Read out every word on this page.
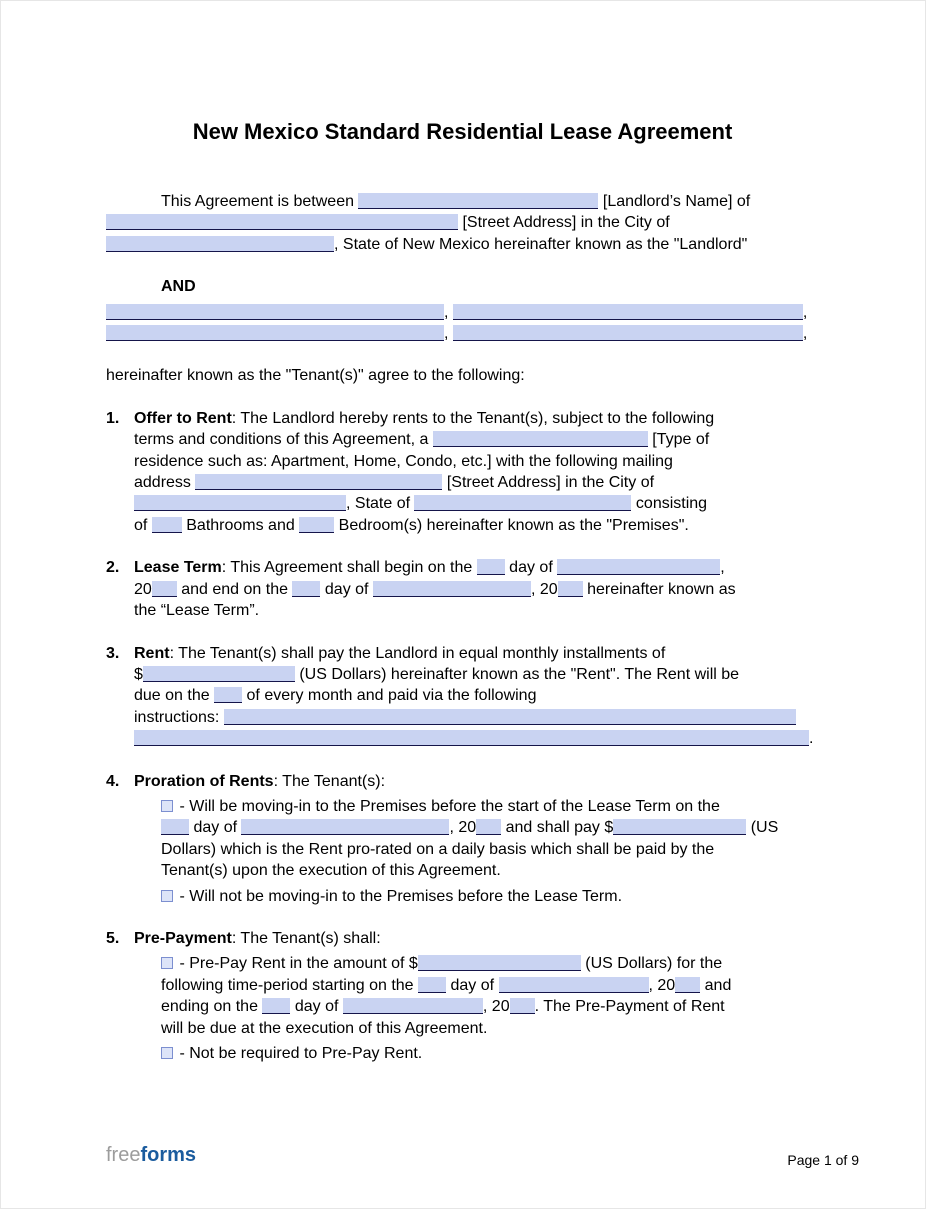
New Mexico Standard Residential Lease Agreement
This Agreement is between	[Landlord’s Name] of
[Street Address] in the City of
, State of New Mexico hereinafter known as the "Landlord"
AND
,	,
,	,
hereinafter known as the "Tenant(s)" agree to the following:
1. Offer to Rent: The Landlord hereby rents to the Tenant(s), subject to the following
terms and conditions of this Agreement, a	[Type of
residence such as: Apartment, Home, Condo, etc.] with the following mailing
address	[Street Address] in the City of
, State of	consisting
of  Bathrooms and  Bedroom(s) hereinafter known as the "Premises".
2. Lease Term: This Agreement shall begin on the  day of	,
20 and end on the  day of	, 20 hereinafter known as
the “Lease Term”.
3. Rent: The Tenant(s) shall pay the Landlord in equal monthly installments of
$	(US Dollars) hereinafter known as the "Rent". The Rent will be
due on the  of every month and paid via the following
instructions:
.
4. Proration of Rents: The Tenant(s):
- Will be moving-in to the Premises before the start of the Lease Term on the
day of	, 20 and shall pay $	(US
Dollars) which is the Rent pro-rated on a daily basis which shall be paid by the
Tenant(s) upon the execution of this Agreement.
- Will not be moving-in to the Premises before the Lease Term.
5. Pre-Payment: The Tenant(s) shall:
- Pre-Pay Rent in the amount of $	(US Dollars) for the
following time-period starting on the  day of	, 20 and
ending on the  day of	, 20 . The Pre-Payment of Rent
will be due at the execution of this Agreement.
- Not be required to Pre-Pay Rent.
freeforms	Page 1 of 9
